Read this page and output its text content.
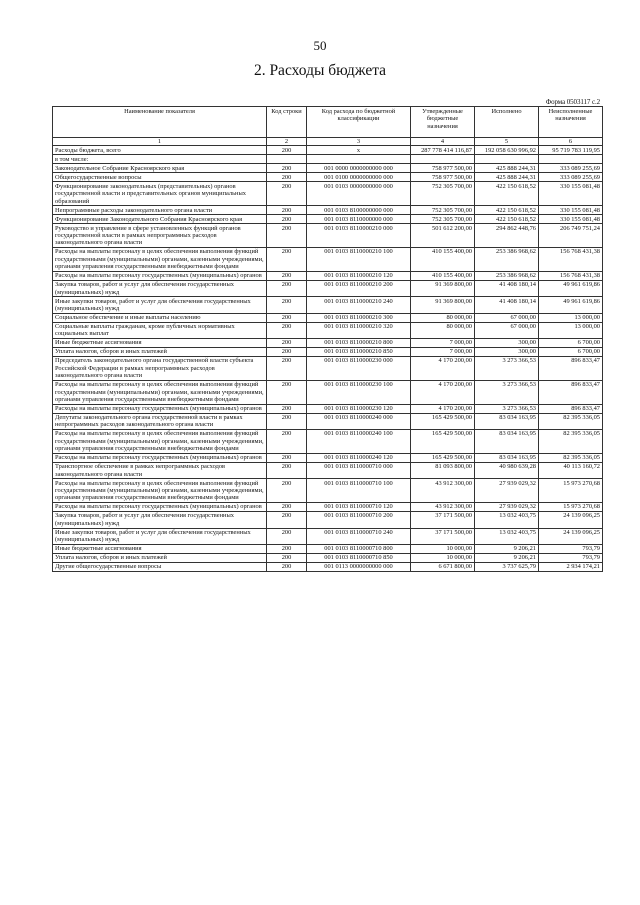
50
2. Расходы бюджета
Форма 0503117 с.2
Наименование показателя	Код строки	Код расхода по бюджетной классификации	Утвержденные бюджетные назначения	Исполнено	Неисполненные назначения
1	2	3	4	5	6
Расходы бюджета, всего	200	x	287 778 414 116,87	192 058 630 996,92	95 719 783 119,95
в том числе:					
Законодательное Собрание Красноярского края	200	001 0000 0000000000 000	758 977 500,00	425 888 244,31	333 089 255,69
Общегосударственные вопросы	200	001 0100 0000000000 000	758 977 500,00	425 888 244,31	333 089 255,69
Функционирование законодательных (представительных) органов государственной власти и представительных органов муниципальных образований	200	001 0103 0000000000 000	752 305 700,00	422 150 618,52	330 155 081,48
Непрограммные расходы законодательного органа власти	200	001 0103 8100000000 000	752 305 700,00	422 150 618,52	330 155 081,48
Функционирование Законодательного Собрания Красноярского края	200	001 0103 8110000000 000	752 305 700,00	422 150 618,52	330 155 081,48
Руководство и управление в сфере установленных функций органов государственной власти в рамках непрограммных расходов законодательного органа власти	200	001 0103 8110000210 000	501 612 200,00	294 862 448,76	206 749 751,24
Расходы на выплаты персоналу в целях обеспечения выполнения функций государственными (муниципальными) органами, казенными учреждениями, органами управления государственными внебюджетными фондами	200	001 0103 8110000210 100	410 155 400,00	253 386 968,62	156 768 431,38
Расходы на выплаты персоналу государственных (муниципальных) органов	200	001 0103 8110000210 120	410 155 400,00	253 386 968,62	156 768 431,38
Закупка товаров, работ и услуг для обеспечения государственных (муниципальных) нужд	200	001 0103 8110000210 200	91 369 800,00	41 408 180,14	49 961 619,86
Иные закупки товаров, работ и услуг для обеспечения государственных (муниципальных) нужд	200	001 0103 8110000210 240	91 369 800,00	41 408 180,14	49 961 619,86
Социальное обеспечение и иные выплаты населению	200	001 0103 8110000210 300	80 000,00	67 000,00	13 000,00
Социальные выплаты гражданам, кроме публичных нормативных социальных выплат	200	001 0103 8110000210 320	80 000,00	67 000,00	13 000,00
Иные бюджетные ассигнования	200	001 0103 8110000210 800	7 000,00	300,00	6 700,00
Уплата налогов, сборов и иных платежей	200	001 0103 8110000210 850	7 000,00	300,00	6 700,00
Председатель законодательного органа государственной власти субъекта Российской Федерации в рамках непрограммных расходов законодательного органа власти	200	001 0103 8110000230 000	4 170 200,00	3 273 366,53	896 833,47
Расходы на выплаты персоналу в целях обеспечения выполнения функций государственными (муниципальными) органами, казенными учреждениями, органами управления государственными внебюджетными фондами	200	001 0103 8110000230 100	4 170 200,00	3 273 366,53	896 833,47
Расходы на выплаты персоналу государственных (муниципальных) органов	200	001 0103 8110000230 120	4 170 200,00	3 273 366,53	896 833,47
Депутаты законодательного органа государственной власти в рамках непрограммных расходов законодательного органа власти	200	001 0103 8110000240 000	165 429 500,00	83 034 163,95	82 395 336,05
Расходы на выплаты персоналу в целях обеспечения выполнения функций государственными (муниципальными) органами, казенными учреждениями, органами управления государственными внебюджетными фондами	200	001 0103 8110000240 100	165 429 500,00	83 034 163,95	82 395 336,05
Расходы на выплаты персоналу государственных (муниципальных) органов	200	001 0103 8110000240 120	165 429 500,00	83 034 163,95	82 395 336,05
Транспортное обеспечение в рамках непрограммных расходов законодательного органа власти	200	001 0103 8110000710 000	81 093 800,00	40 980 639,28	40 113 160,72
Расходы на выплаты персоналу в целях обеспечения выполнения функций государственными (муниципальными) органами, казенными учреждениями, органами управления государственными внебюджетными фондами	200	001 0103 8110000710 100	43 912 300,00	27 939 029,32	15 973 270,68
Расходы на выплаты персоналу государственных (муниципальных) органов	200	001 0103 8110000710 120	43 912 300,00	27 939 029,32	15 973 270,68
Закупка товаров, работ и услуг для обеспечения государственных (муниципальных) нужд	200	001 0103 8110000710 200	37 171 500,00	13 032 403,75	24 139 096,25
Иные закупки товаров, работ и услуг для обеспечения государственных (муниципальных) нужд	200	001 0103 8110000710 240	37 171 500,00	13 032 403,75	24 139 096,25
Иные бюджетные ассигнования	200	001 0103 8110000710 800	10 000,00	9 206,21	793,79
Уплата налогов, сборов и иных платежей	200	001 0103 8110000710 850	10 000,00	9 206,21	793,79
Другие общегосударственные вопросы	200	001 0113 0000000000 000	6 671 800,00	3 737 625,79	2 934 174,21
